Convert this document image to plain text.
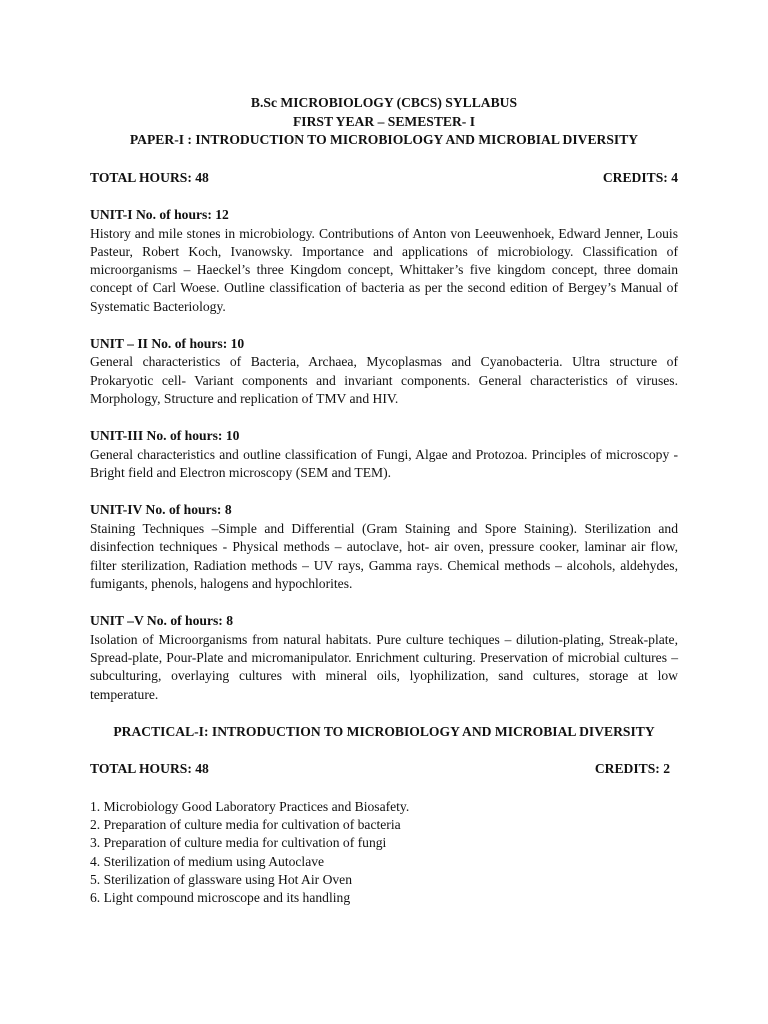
B.Sc MICROBIOLOGY (CBCS) SYLLABUS
FIRST YEAR – SEMESTER- I
PAPER-I : INTRODUCTION TO MICROBIOLOGY AND MICROBIAL DIVERSITY
TOTAL HOURS: 48	CREDITS: 4
UNIT-I No. of hours: 12
History and mile stones in microbiology. Contributions of Anton von Leeuwenhoek, Edward Jenner, Louis Pasteur, Robert Koch, Ivanowsky. Importance and applications of microbiology. Classification of microorganisms – Haeckel’s three Kingdom concept, Whittaker’s five kingdom concept, three domain concept of Carl Woese. Outline classification of bacteria as per the second edition of Bergey’s Manual of Systematic Bacteriology.
UNIT – II No. of hours: 10
General characteristics of Bacteria, Archaea, Mycoplasmas and Cyanobacteria. Ultra structure of Prokaryotic cell- Variant components and invariant components. General characteristics of viruses. Morphology, Structure and replication of TMV and HIV.
UNIT-III No. of hours: 10
General characteristics and outline classification of Fungi, Algae and Protozoa. Principles of microscopy - Bright field and Electron microscopy (SEM and TEM).
UNIT-IV No. of hours: 8
Staining Techniques –Simple and Differential (Gram Staining and Spore Staining). Sterilization and disinfection techniques - Physical methods – autoclave, hot- air oven, pressure cooker, laminar air flow, filter sterilization, Radiation methods – UV rays, Gamma rays. Chemical methods – alcohols, aldehydes, fumigants, phenols, halogens and hypochlorites.
UNIT –V No. of hours: 8
Isolation of Microorganisms from natural habitats. Pure culture techiques – dilution-plating, Streak-plate, Spread-plate, Pour-Plate and micromanipulator. Enrichment culturing. Preservation of microbial cultures – subculturing, overlaying cultures with mineral oils, lyophilization, sand cultures, storage at low temperature.
PRACTICAL-I: INTRODUCTION TO MICROBIOLOGY AND MICROBIAL DIVERSITY
TOTAL HOURS: 48	CREDITS: 2
1. Microbiology Good Laboratory Practices and Biosafety.
2. Preparation of culture media for cultivation of bacteria
3. Preparation of culture media for cultivation of fungi
4. Sterilization of medium using Autoclave
5. Sterilization of glassware using Hot Air Oven
6. Light compound microscope and its handling
